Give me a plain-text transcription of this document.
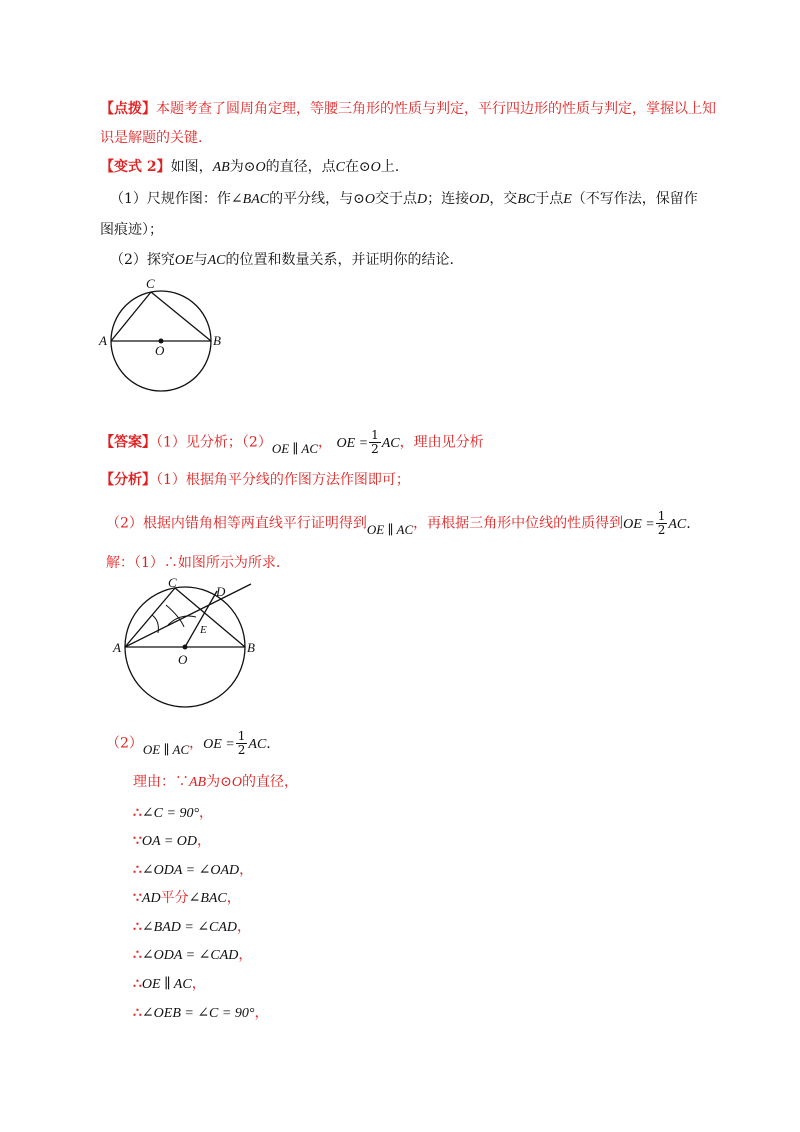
【点拨】本题考查了圆周角定理，等腰三角形的性质与判定，平行四边形的性质与判定，掌握以上知
识是解题的关键.
【变式 2】如图，AB为⊙O的直径，点C在⊙O上.
（1）尺规作图：作∠BAC的平分线，与⊙O交于点D；连接OD，交BC于点E（不写作法，保留作
图痕迹）；
（2）探究OE与AC的位置和数量关系，并证明你的结论.
A	B
C
O
【答案】（1）见分析；（2）OE ∥ AC， OE = $\frac{1}{2}$ AC，理由见分析
【分析】（1）根据角平分线的作图方法作图即可；
（2）根据内错角相等两直线平行证明得到OE ∥ AC，再根据三角形中位线的性质得到OE = $\frac{1}{2}$ AC.
解：（1）∴如图所示为所求.
A	B
C
D
E
O
（2）OE ∥ AC，OE = $\frac{1}{2}$ AC.
理由：∵AB为⊙O的直径，
∴∠C = 90°，
∵OA = OD，
∴∠ODA = ∠OAD，
∵AD平分∠BAC，
∴∠BAD = ∠CAD，
∴∠ODA = ∠CAD，
∴OE ∥ AC，
∴∠OEB = ∠C = 90°，
